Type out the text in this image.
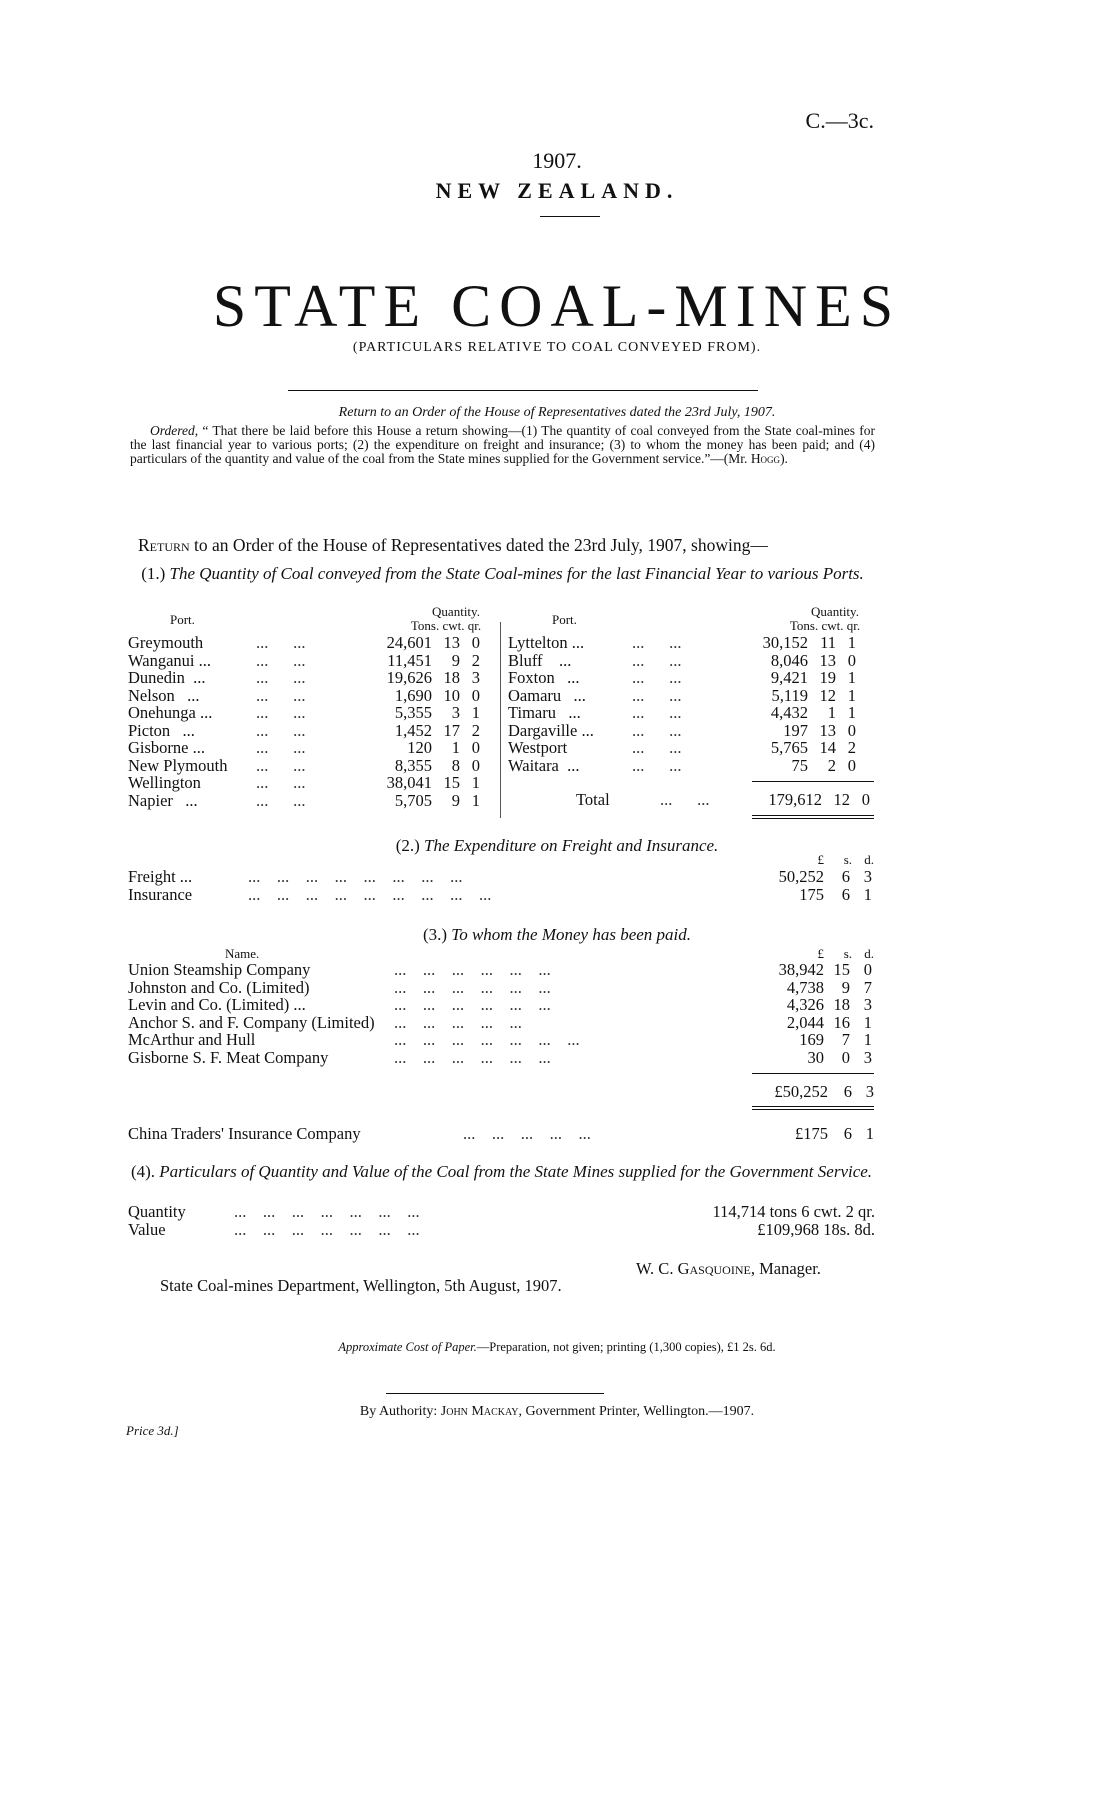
C.—3c.
1907.
NEW ZEALAND.
STATE COAL-MINES
(PARTICULARS RELATIVE TO COAL CONVEYED FROM).
Return to an Order of the House of Representatives dated the 23rd July, 1907.
Ordered, “ That there be laid before this House a return showing—(1) The quantity of coal conveyed from the State coal-mines for the last financial year to various ports; (2) the expenditure on freight and insurance; (3) to whom the money has been paid; and (4) particulars of the quantity and value of the coal from the State mines supplied for the Government service.”—(Mr. Hogg).
Return to an Order of the House of Representatives dated the 23rd July, 1907, showing—
(1.) The Quantity of Coal conveyed from the State Coal-mines for the last Financial Year to various Ports.
Port.
Quantity.
Tons. cwt. qr.	Port.
Quantity.
Tons. cwt. qr.
Greymouth	...      ...	24,601	13	0
Wanganui ...	...      ...	11,451	9	2
Dunedin  ...	...      ...	19,626	18	3
Nelson   ...	...      ...	1,690	10	0
Onehunga ...	...      ...	5,355	3	1
Picton   ...	...      ...	1,452	17	2
Gisborne ...	...      ...	120	1	0
New Plymouth	...      ...	8,355	8	0
Wellington	...      ...	38,041	15	1
Napier   ...	...      ...	5,705	9	1
Lyttelton ...	...      ...	30,152	11	1
Bluff    ...	...      ...	8,046	13	0
Foxton   ...	...      ...	9,421	19	1
Oamaru   ...	...      ...	5,119	12	1
Timaru   ...	...      ...	4,432	1	1
Dargaville ...	...      ...	197	13	0
Westport	...      ...	5,765	14	2
Waitara  ...	...      ...	75	2	0
Total	...      ...	179,612 12 0
(2.) The Expenditure on Freight and Insurance.
£ s. d.
Freight ...	...    ...    ...    ...    ...    ...    ...    ...	50,252	6	3
Insurance	...    ...    ...    ...    ...    ...    ...    ...    ...	175	6	1
(3.) To whom the Money has been paid.
Name.	£ s. d.
Union Steamship Company	...    ...    ...    ...    ...    ...	38,942	15	0
Johnston and Co. (Limited)	...    ...    ...    ...    ...    ...	4,738	9	7
Levin and Co. (Limited) ...	...    ...    ...    ...    ...    ...	4,326	18	3
Anchor S. and F. Company (Limited)	...    ...    ...    ...    ...	2,044	16	1
McArthur and Hull	...    ...    ...    ...    ...    ...    ...	169	7	1
Gisborne S. F. Meat Company	...    ...    ...    ...    ...    ...	30	0	3
£50,252 6 3
China Traders' Insurance Company	...    ...    ...    ...    ...	£175 6 1
(4). Particulars of Quantity and Value of the Coal from the State Mines supplied for the Government Service.
Quantity	...    ...    ...    ...    ...    ...    ...	114,714 tons 6 cwt. 2 qr.
Value	...    ...    ...    ...    ...    ...    ...	£109,968 18s. 8d.
W. C. Gasquoine, Manager.
State Coal-mines Department, Wellington, 5th August, 1907.
Approximate Cost of Paper.—Preparation, not given; printing (1,300 copies), £1 2s. 6d.
By Authority: John Mackay, Government Printer, Wellington.—1907.
Price 3d.]
